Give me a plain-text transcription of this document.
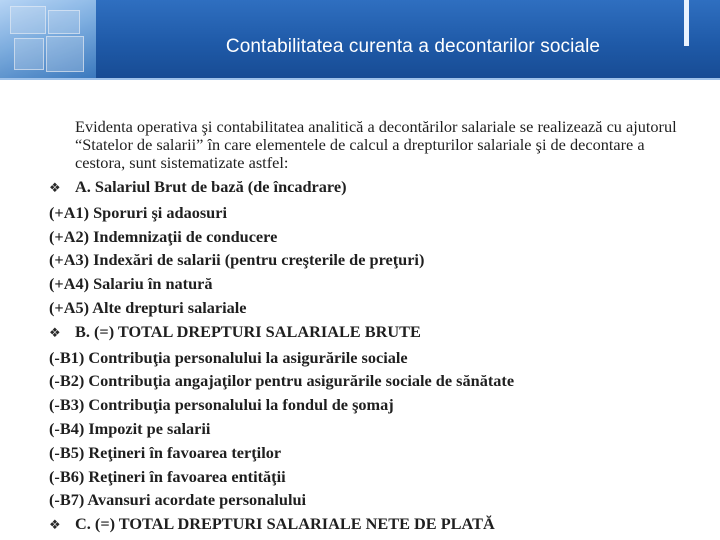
Contabilitatea curenta a decontarilor sociale

Evidenta operativa şi contabilitatea analitică a decontărilor salariale se realizează cu ajutorul “Statelor de salarii” în care elementele de calcul a drepturilor salariale şi de decontare a cestora, sunt sistematizate astfel:

❖ A. Salariul Brut de bază (de încadrare)
(+A1) Sporuri şi adaosuri
(+A2) Indemnizaţii de conducere
(+A3) Indexări de salarii (pentru creşterile de preţuri)
(+A4) Salariu în natură
(+A5) Alte drepturi salariale
❖ B. (=) TOTAL DREPTURI SALARIALE BRUTE
(-B1) Contribuţia personalului la asigurările sociale
(-B2) Contribuţia angajaţilor pentru asigurările sociale de sănătate
(-B3) Contribuţia personalului la fondul de şomaj
(-B4) Impozit pe salarii
(-B5) Reţineri în favoarea terţilor
(-B6) Reţineri în favoarea entităţii
(-B7) Avansuri acordate personalului
❖ C. (=) TOTAL DREPTURI SALARIALE NETE DE PLATĂ
